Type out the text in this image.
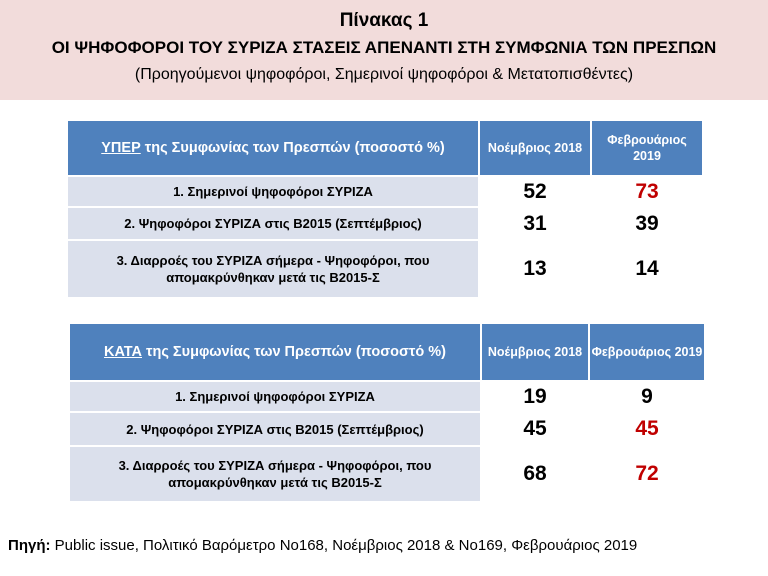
Πίνακας 1
ΟΙ ΨΗΦΟΦΟΡΟΙ ΤΟΥ ΣΥΡΙΖΑ ΣΤΑΣΕΙΣ ΑΠΕΝΑΝΤΙ ΣΤΗ ΣΥΜΦΩΝΙΑ ΤΩΝ ΠΡΕΣΠΩΝ
(Προηγούμενοι ψηφοφόροι, Σημερινοί ψηφοφόροι & Μετατοπισθέντες)
ΥΠΕΡ της Συμφωνίας των Πρεσπών (ποσοστό %)	Νοέμβριος 2018	Φεβρουάριος 2019
1. Σημερινοί ψηφοφόροι ΣΥΡΙΖΑ	52	73
2. Ψηφοφόροι ΣΥΡΙΖΑ στις Β2015 (Σεπτέμβριος)	31	39
3. Διαρροές του ΣΥΡΙΖΑ σήμερα - Ψηφοφόροι, που απομακρύνθηκαν μετά τις Β2015-Σ	13	14
ΚΑΤΑ της Συμφωνίας των Πρεσπών (ποσοστό %)	Νοέμβριος 2018	Φεβρουάριος 2019
1. Σημερινοί ψηφοφόροι ΣΥΡΙΖΑ	19	9
2. Ψηφοφόροι ΣΥΡΙΖΑ στις Β2015 (Σεπτέμβριος)	45	45
3. Διαρροές του ΣΥΡΙΖΑ σήμερα - Ψηφοφόροι, που απομακρύνθηκαν μετά τις Β2015-Σ	68	72
Πηγή: Public issue, Πολιτικό Βαρόμετρο Νο168, Νοέμβριος 2018 & Νο169, Φεβρουάριος 2019
